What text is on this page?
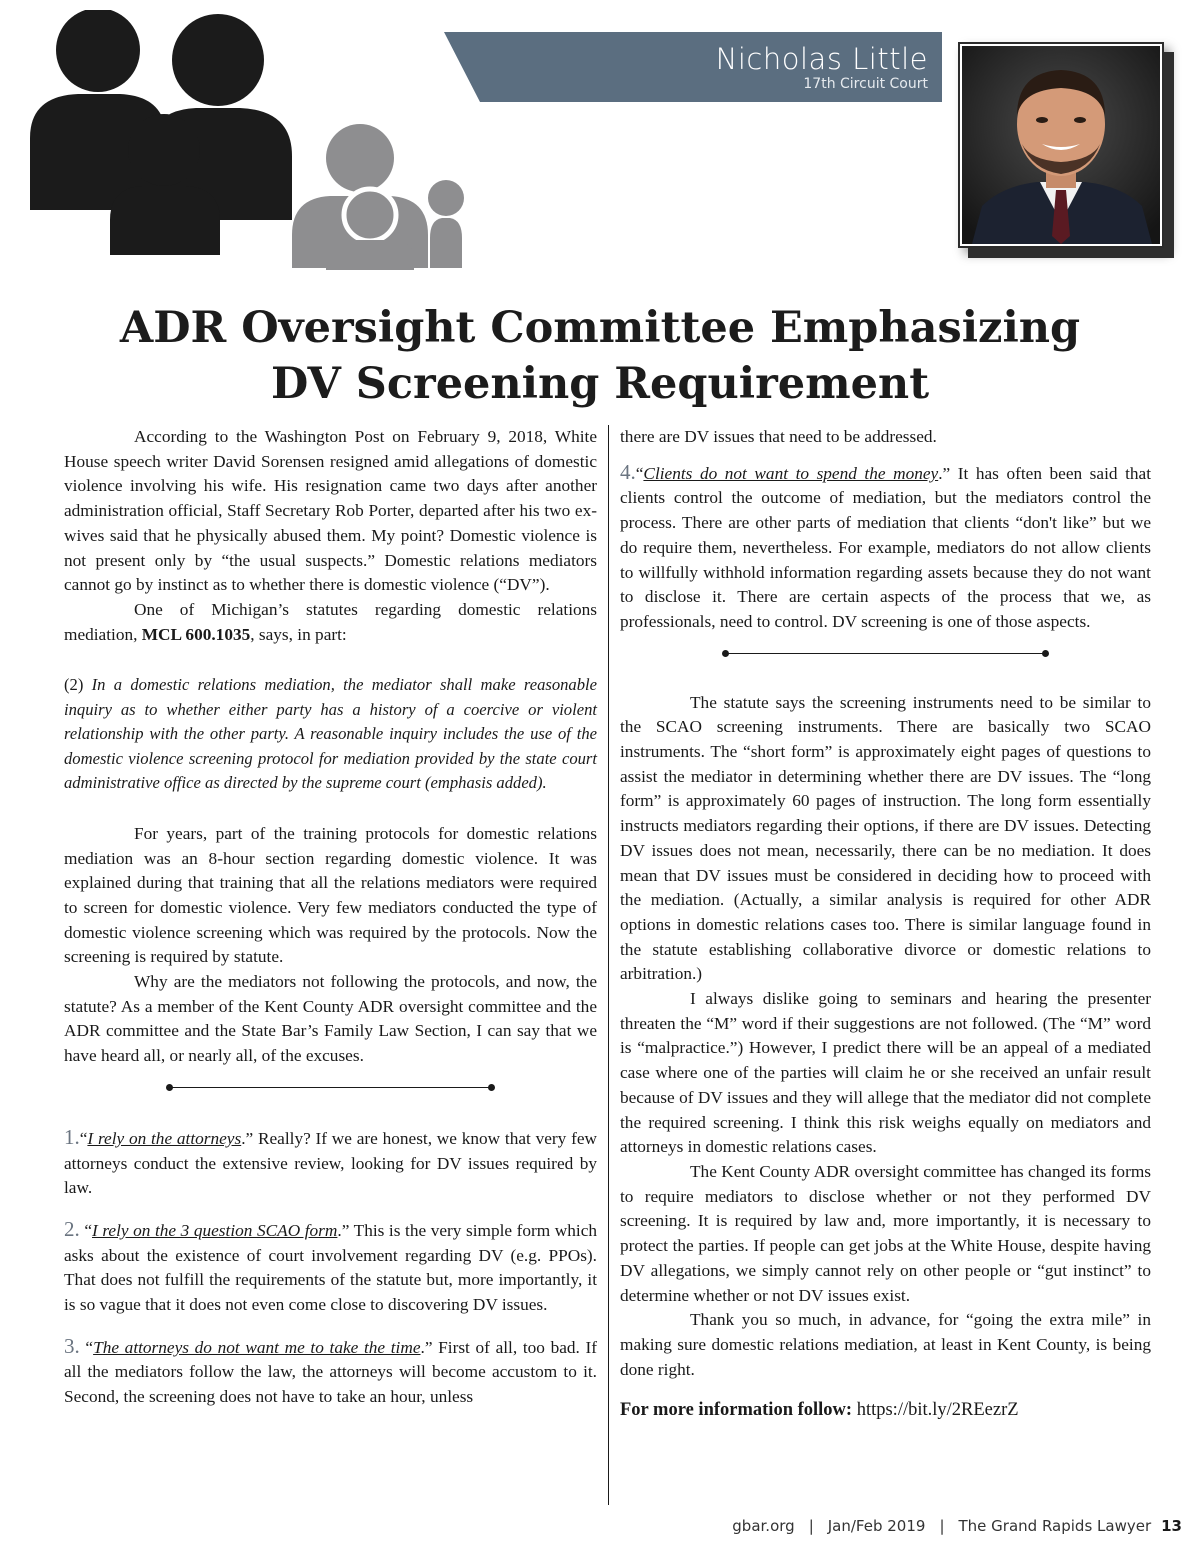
Nicholas Little
17th Circuit Court
ADR Oversight Committee Emphasizing
DV Screening Requirement

According to the Washington Post on February 9, 2018, White House speech writer David Sorensen resigned amid allegations of domestic violence involving his wife. His resignation came two days after another administration official, Staff Secretary Rob Porter, departed after his two ex-wives said that he physically abused them. My point? Domestic violence is not present only by “the usual suspects.” Domestic relations mediators cannot go by instinct as to whether there is domestic violence (“DV”).

One of Michigan’s statutes regarding domestic relations mediation, MCL 600.1035, says, in part:

(2) In a domestic relations mediation, the mediator shall make reasonable inquiry as to whether either party has a history of a coercive or violent relationship with the other party. A reasonable inquiry includes the use of the domestic violence screening protocol for mediation provided by the state court administrative office as directed by the supreme court (emphasis added).

For years, part of the training protocols for domestic relations mediation was an 8-hour section regarding domestic violence. It was explained during that training that all the relations mediators were required to screen for domestic violence. Very few mediators conducted the type of domestic violence screening which was required by the protocols. Now the screening is required by statute.

Why are the mediators not following the protocols, and now, the statute? As a member of the Kent County ADR oversight committee and the ADR committee and the State Bar’s Family Law Section, I can say that we have heard all, or nearly all, of the excuses.

1.“I rely on the attorneys.” Really? If we are honest, we know that very few attorneys conduct the extensive review, looking for DV issues required by law.

2. “I rely on the 3 question SCAO form.” This is the very simple form which asks about the existence of court involvement regarding DV (e.g. PPOs). That does not fulfill the requirements of the statute but, more importantly, it is so vague that it does not even come close to discovering DV issues.

3. “The attorneys do not want me to take the time.” First of all, too bad. If all the mediators follow the law, the attorneys will become accustom to it. Second, the screening does not have to take an hour, unless

there are DV issues that need to be addressed.

4.“Clients do not want to spend the money.” It has often been said that clients control the outcome of mediation, but the mediators control the process. There are other parts of mediation that clients “don't like” but we do require them, nevertheless. For example, mediators do not allow clients to willfully withhold information regarding assets because they do not want to disclose it. There are certain aspects of the process that we, as professionals, need to control. DV screening is one of those aspects.

The statute says the screening instruments need to be similar to the SCAO screening instruments. There are basically two SCAO instruments. The “short form” is approximately eight pages of questions to assist the mediator in determining whether there are DV issues. The “long form” is approximately 60 pages of instruction. The long form essentially instructs mediators regarding their options, if there are DV issues. Detecting DV issues does not mean, necessarily, there can be no mediation. It does mean that DV issues must be considered in deciding how to proceed with the mediation. (Actually, a similar analysis is required for other ADR options in domestic relations cases too. There is similar language found in the statute establishing collaborative divorce or domestic relations to arbitration.)

I always dislike going to seminars and hearing the presenter threaten the “M” word if their suggestions are not followed. (The “M” word is “malpractice.”) However, I predict there will be an appeal of a mediated case where one of the parties will claim he or she received an unfair result because of DV issues and they will allege that the mediator did not complete the required screening. I think this risk weighs equally on mediators and attorneys in domestic relations cases.

The Kent County ADR oversight committee has changed its forms to require mediators to disclose whether or not they performed DV screening. It is required by law and, more importantly, it is necessary to protect the parties. If people can get jobs at the White House, despite having DV allegations, we simply cannot rely on other people or “gut instinct” to determine whether or not DV issues exist.

Thank you so much, in advance, for “going the extra mile” in making sure domestic relations mediation, at least in Kent County, is being done right.

For more information follow: https://bit.ly/2REezrZ

gbar.org | Jan/Feb 2019 | The Grand Rapids Lawyer 13
